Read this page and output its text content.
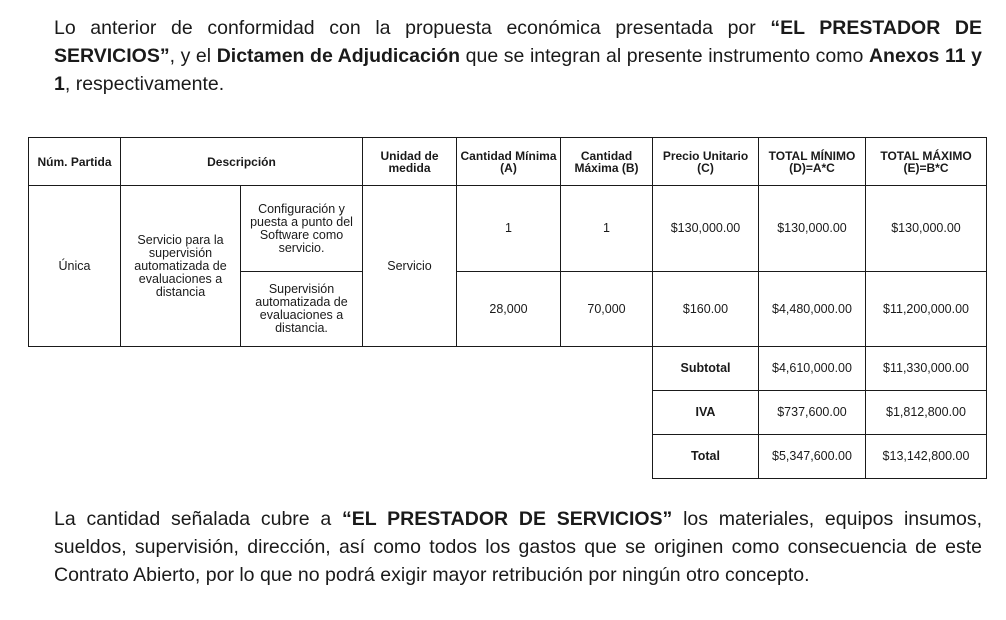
Lo anterior de conformidad con la propuesta económica presentada por “EL PRESTADOR DE SERVICIOS”, y el Dictamen de Adjudicación que se integran al presente instrumento como Anexos 11 y 1, respectivamente.

Núm. Partida	Descripción		Unidad de medida	Cantidad Mínima (A)	Cantidad Máxima (B)	Precio Unitario (C)	TOTAL MÍNIMO (D)=A*C	TOTAL MÁXIMO (E)=B*C
Única	Servicio para la supervisión automatizada de evaluaciones a distancia	Configuración y puesta a punto del Software como servicio.	Servicio	1	1	$130,000.00	$130,000.00	$130,000.00
		Supervisión automatizada de evaluaciones a distancia.		28,000	70,000	$160.00	$4,480,000.00	$11,200,000.00
						Subtotal	$4,610,000.00	$11,330,000.00
						IVA	$737,600.00	$1,812,800.00
						Total	$5,347,600.00	$13,142,800.00

La cantidad señalada cubre a “EL PRESTADOR DE SERVICIOS” los materiales, equipos insumos, sueldos, supervisión, dirección, así como todos los gastos que se originen como consecuencia de este Contrato Abierto, por lo que no podrá exigir mayor retribución por ningún otro concepto.
